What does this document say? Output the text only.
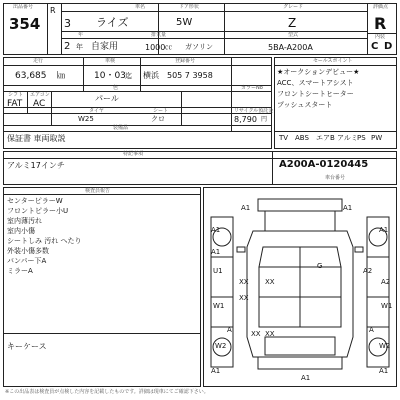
出品番号
354
R
3
年
2 年
車名
ライズ
ドア形状
5W
グレード
Z
自家用
排気量
1000 ㏄ ガソリン
型式
5BA-A200A
評価点
R
内装
C D
走行
63,685 ㎞
車検
10・03 迄
登録番号
横浜　505 7 3958
色	カラーNo
パール
シフト
FAT
エアコン
AC
タイヤ
W25
シート
クロ
リサイクル預託金
8,790 円
装備品
保証書 車両取説
セールスポイント
★オークションデビュー★
ACC、スマートアシスト
フロントシートヒーター
プッシュスタート
TV ABS エアB アルミ PS PW
特記事項
アルミ17インチ	A200A-0120445
車台番号
検査員報告
センターピラーW
フロントピラー小U
室内薄汚れ
室内小傷
シートしみ 汚れ へたり
外装小傷多数
バンパー下A
ミラーA
キーケース
A1	A1
A1	A1
A1
U1	A2
A2
W1	W1
G
XX XX
XX
XX XX
A	A
W2	W2
A1
A1
A1
※この出品表は検査員が点検した内容を記載したものです。詳細は現車にてご確認下さい。
